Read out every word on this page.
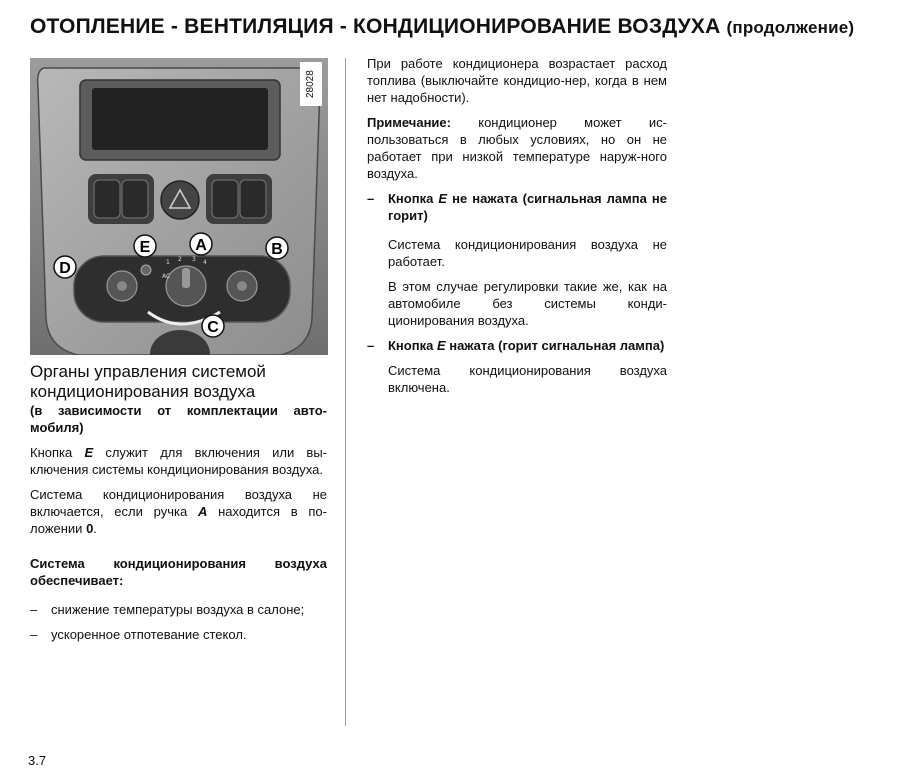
ОТОПЛЕНИЕ - ВЕНТИЛЯЦИЯ - КОНДИЦИОНИРОВАНИЕ ВОЗДУХА (продолжение)
AC
1 2 3 4
E	A	B
D
C
28028
Органы управления системой кондиционирования воздуха
(в зависимости от комплектации авто-мобиля)

Кнопка E служит для включения или вы-ключения системы кондиционирования воздуха.

Система кондиционирования воздуха не включается, если ручка A находится в по-ложении 0.

Система кондиционирования воздуха обеспечивает:

– снижение температуры воздуха в салоне;
– ускоренное отпотевание стекол.

При работе кондиционера возрастает расход топлива (выключайте кондицио-нер, когда в нем нет надобности).

Примечание: кондиционер может ис-пользоваться в любых условиях, но он не работает при низкой температуре наруж-ного воздуха.

– Кнопка E не нажата (сигнальная лампа не горит)

Система кондиционирования воздуха не работает.

В этом случае регулировки такие же, как на автомобиле без системы конди-ционирования воздуха.

– Кнопка E нажата (горит сигнальная лампа)

Система кондиционирования воздуха включена.

3.7
